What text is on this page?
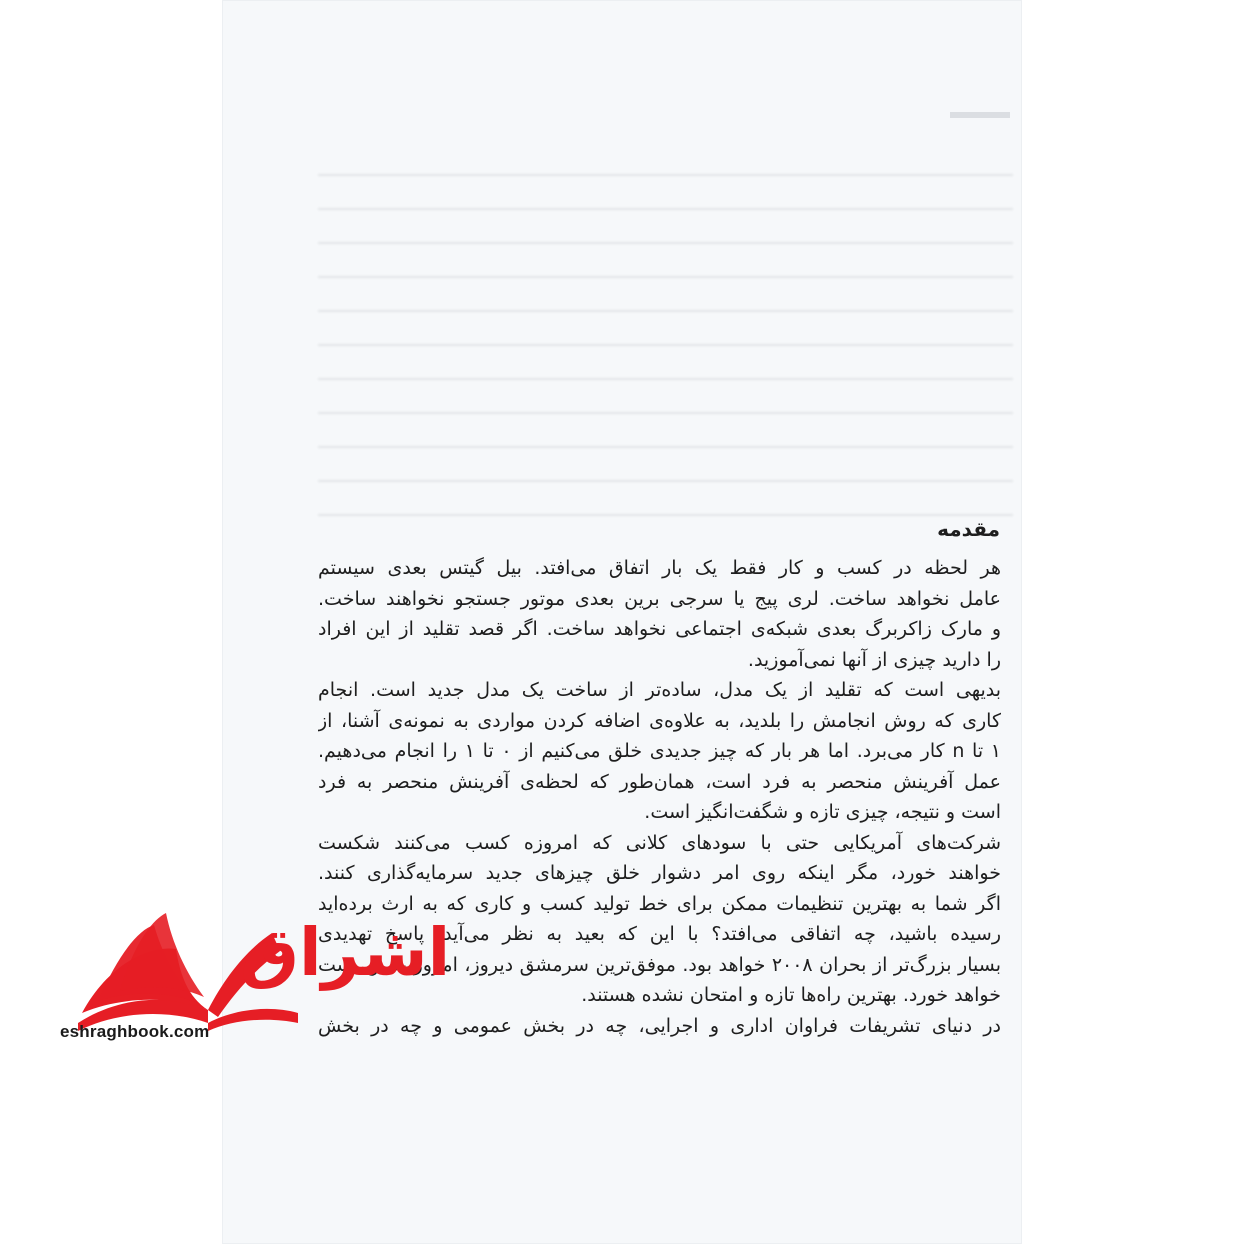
مقدمه
هر لحظه در کسب و کار فقط یک بار اتفاق می‌افتد. بیل گیتس بعدی سیستم
عامل نخواهد ساخت. لری پیج یا سرجی برین بعدی موتور جستجو نخواهند ساخت.
و مارک زاکربرگ بعدی شبکه‌ی اجتماعی نخواهد ساخت. اگر قصد تقلید از این افراد
را دارید چیزی از آنها نمی‌آموزید.
بدیهی است که تقلید از یک مدل، ساده‌تر از ساخت یک مدل جدید است. انجام
کاری که روش انجامش را بلدید، به علاوه‌ی اضافه کردن مواردی به نمونه‌ی آشنا، از
۱ تا n کار می‌برد. اما هر بار که چیز جدیدی خلق می‌کنیم از ۰ تا ۱ را انجام می‌دهیم.
عمل آفرینش منحصر به فرد است، همان‌طور که لحظه‌ی آفرینش منحصر به فرد
است و نتیجه، چیزی تازه و شگفت‌انگیز است.
شرکت‌های آمریکایی حتی با سودهای کلانی که امروزه کسب می‌کنند شکست
خواهند خورد، مگر اینکه روی امر دشوار خلق چیزهای جدید سرمایه‌گذاری کنند.
اگر شما به بهترین تنظیمات ممکن برای خط تولید کسب و کاری که به ارث برده‌اید
رسیده باشید، چه اتفاقی می‌افتد؟ با این که بعید به نظر می‌آید، پاسخ تهدیدی
بسیار بزرگ‌تر از بحران ۲۰۰۸ خواهد بود. موفق‌ترین سرمشق دیروز، امروز به بن بست
خواهد خورد. بهترین راه‌ها تازه و امتحان نشده هستند.
در دنیای تشریفات فراوان اداری و اجرایی، چه در بخش عمومی و چه در بخش
اشراق
eshraghbook.com
